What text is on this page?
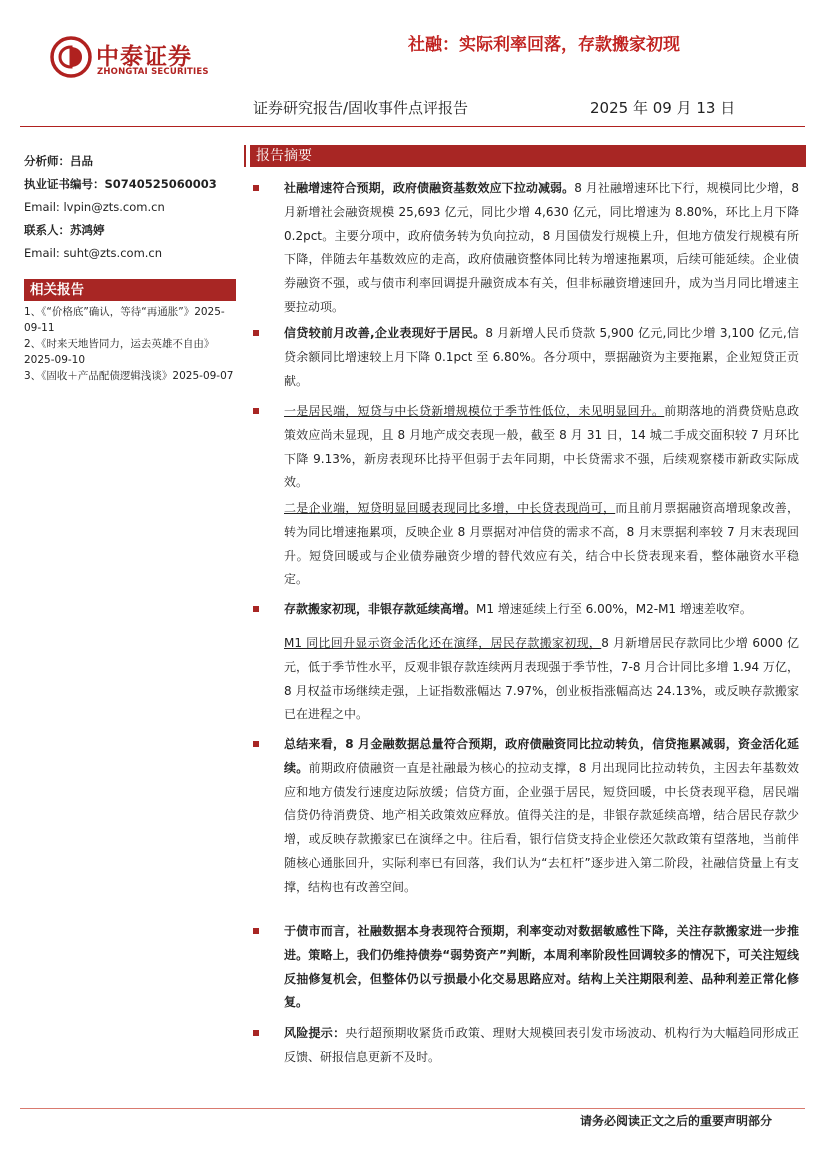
中泰证券
ZHONGTAI SECURITIES
社融：实际利率回落，存款搬家初现
证券研究报告/固收事件点评报告	2025 年 09 月 13 日
分析师：吕品
执业证书编号：S0740525060003
Email: lvpin@zts.com.cn
联系人：苏鸿婷
Email: suht@zts.com.cn
相关报告

1、《“价格底”确认，等待“再通胀”》2025-09-11

2、《时来天地皆同力，运去英雄不自由》2025-09-10

3、《固收＋产品配债逻辑浅谈》2025-09-07

报告摘要
社融增速符合预期，政府债融资基数效应下拉动减弱。8 月社融增速环比下行，规模同比少增，8 月新增社会融资规模 25,693 亿元，同比少增 4,630 亿元，同比增速为 8.80%，环比上月下降 0.2pct。主要分项中，政府债务转为负向拉动，8 月国债发行规模上升，但地方债发行规模有所下降，伴随去年基数效应的走高，政府债融资整体同比转为增速拖累项，后续可能延续。企业债券融资不强，或与债市利率回调提升融资成本有关，但非标融资增速回升，成为当月同比增速主要拉动项。
信贷较前月改善,企业表现好于居民。8 月新增人民币贷款 5,900 亿元,同比少增 3,100 亿元,信贷余额同比增速较上月下降 0.1pct 至 6.80%。各分项中，票据融资为主要拖累，企业短贷正贡献。
一是居民端，短贷与中长贷新增规模位于季节性低位，未见明显回升。前期落地的消费贷贴息政策效应尚未显现，且 8 月地产成交表现一般，截至 8 月 31 日，14 城二手成交面积较 7 月环比下降 9.13%，新房表现环比持平但弱于去年同期，中长贷需求不强，后续观察楼市新政实际成效。
二是企业端，短贷明显回暖表现同比多增，中长贷表现尚可，而且前月票据融资高增现象改善，转为同比增速拖累项，反映企业 8 月票据对冲信贷的需求不高，8 月末票据利率较 7 月末表现回升。短贷回暖或与企业债券融资少增的替代效应有关，结合中长贷表现来看，整体融资水平稳定。
存款搬家初现，非银存款延续高增。M1 增速延续上行至 6.00%，M2-M1 增速差收窄。
M1 同比回升显示资金活化还在演绎，居民存款搬家初现，8 月新增居民存款同比少增 6000 亿元，低于季节性水平，反观非银存款连续两月表现强于季节性，7-8 月合计同比多增 1.94 万亿，8 月权益市场继续走强，上证指数涨幅达 7.97%，创业板指涨幅高达 24.13%，或反映存款搬家已在进程之中。
总结来看，8 月金融数据总量符合预期，政府债融资同比拉动转负，信贷拖累减弱，资金活化延续。前期政府债融资一直是社融最为核心的拉动支撑，8 月出现同比拉动转负，主因去年基数效应和地方债发行速度边际放缓；信贷方面，企业强于居民，短贷回暖，中长贷表现平稳，居民端信贷仍待消费贷、地产相关政策效应释放。值得关注的是，非银存款延续高增，结合居民存款少增，或反映存款搬家已在演绎之中。往后看，银行信贷支持企业偿还欠款政策有望落地，当前伴随核心通胀回升，实际利率已有回落，我们认为“去杠杆”逐步进入第二阶段，社融信贷量上有支撑，结构也有改善空间。
于债市而言，社融数据本身表现符合预期，利率变动对数据敏感性下降，关注存款搬家进一步推进。策略上，我们仍维持债券“弱势资产”判断，本周利率阶段性回调较多的情况下，可关注短线反抽修复机会，但整体仍以亏损最小化交易思路应对。结构上关注期限利差、品种利差正常化修复。
风险提示：央行超预期收紧货币政策、理财大规模回表引发市场波动、机构行为大幅趋同形成正反馈、研报信息更新不及时。
请务必阅读正文之后的重要声明部分
